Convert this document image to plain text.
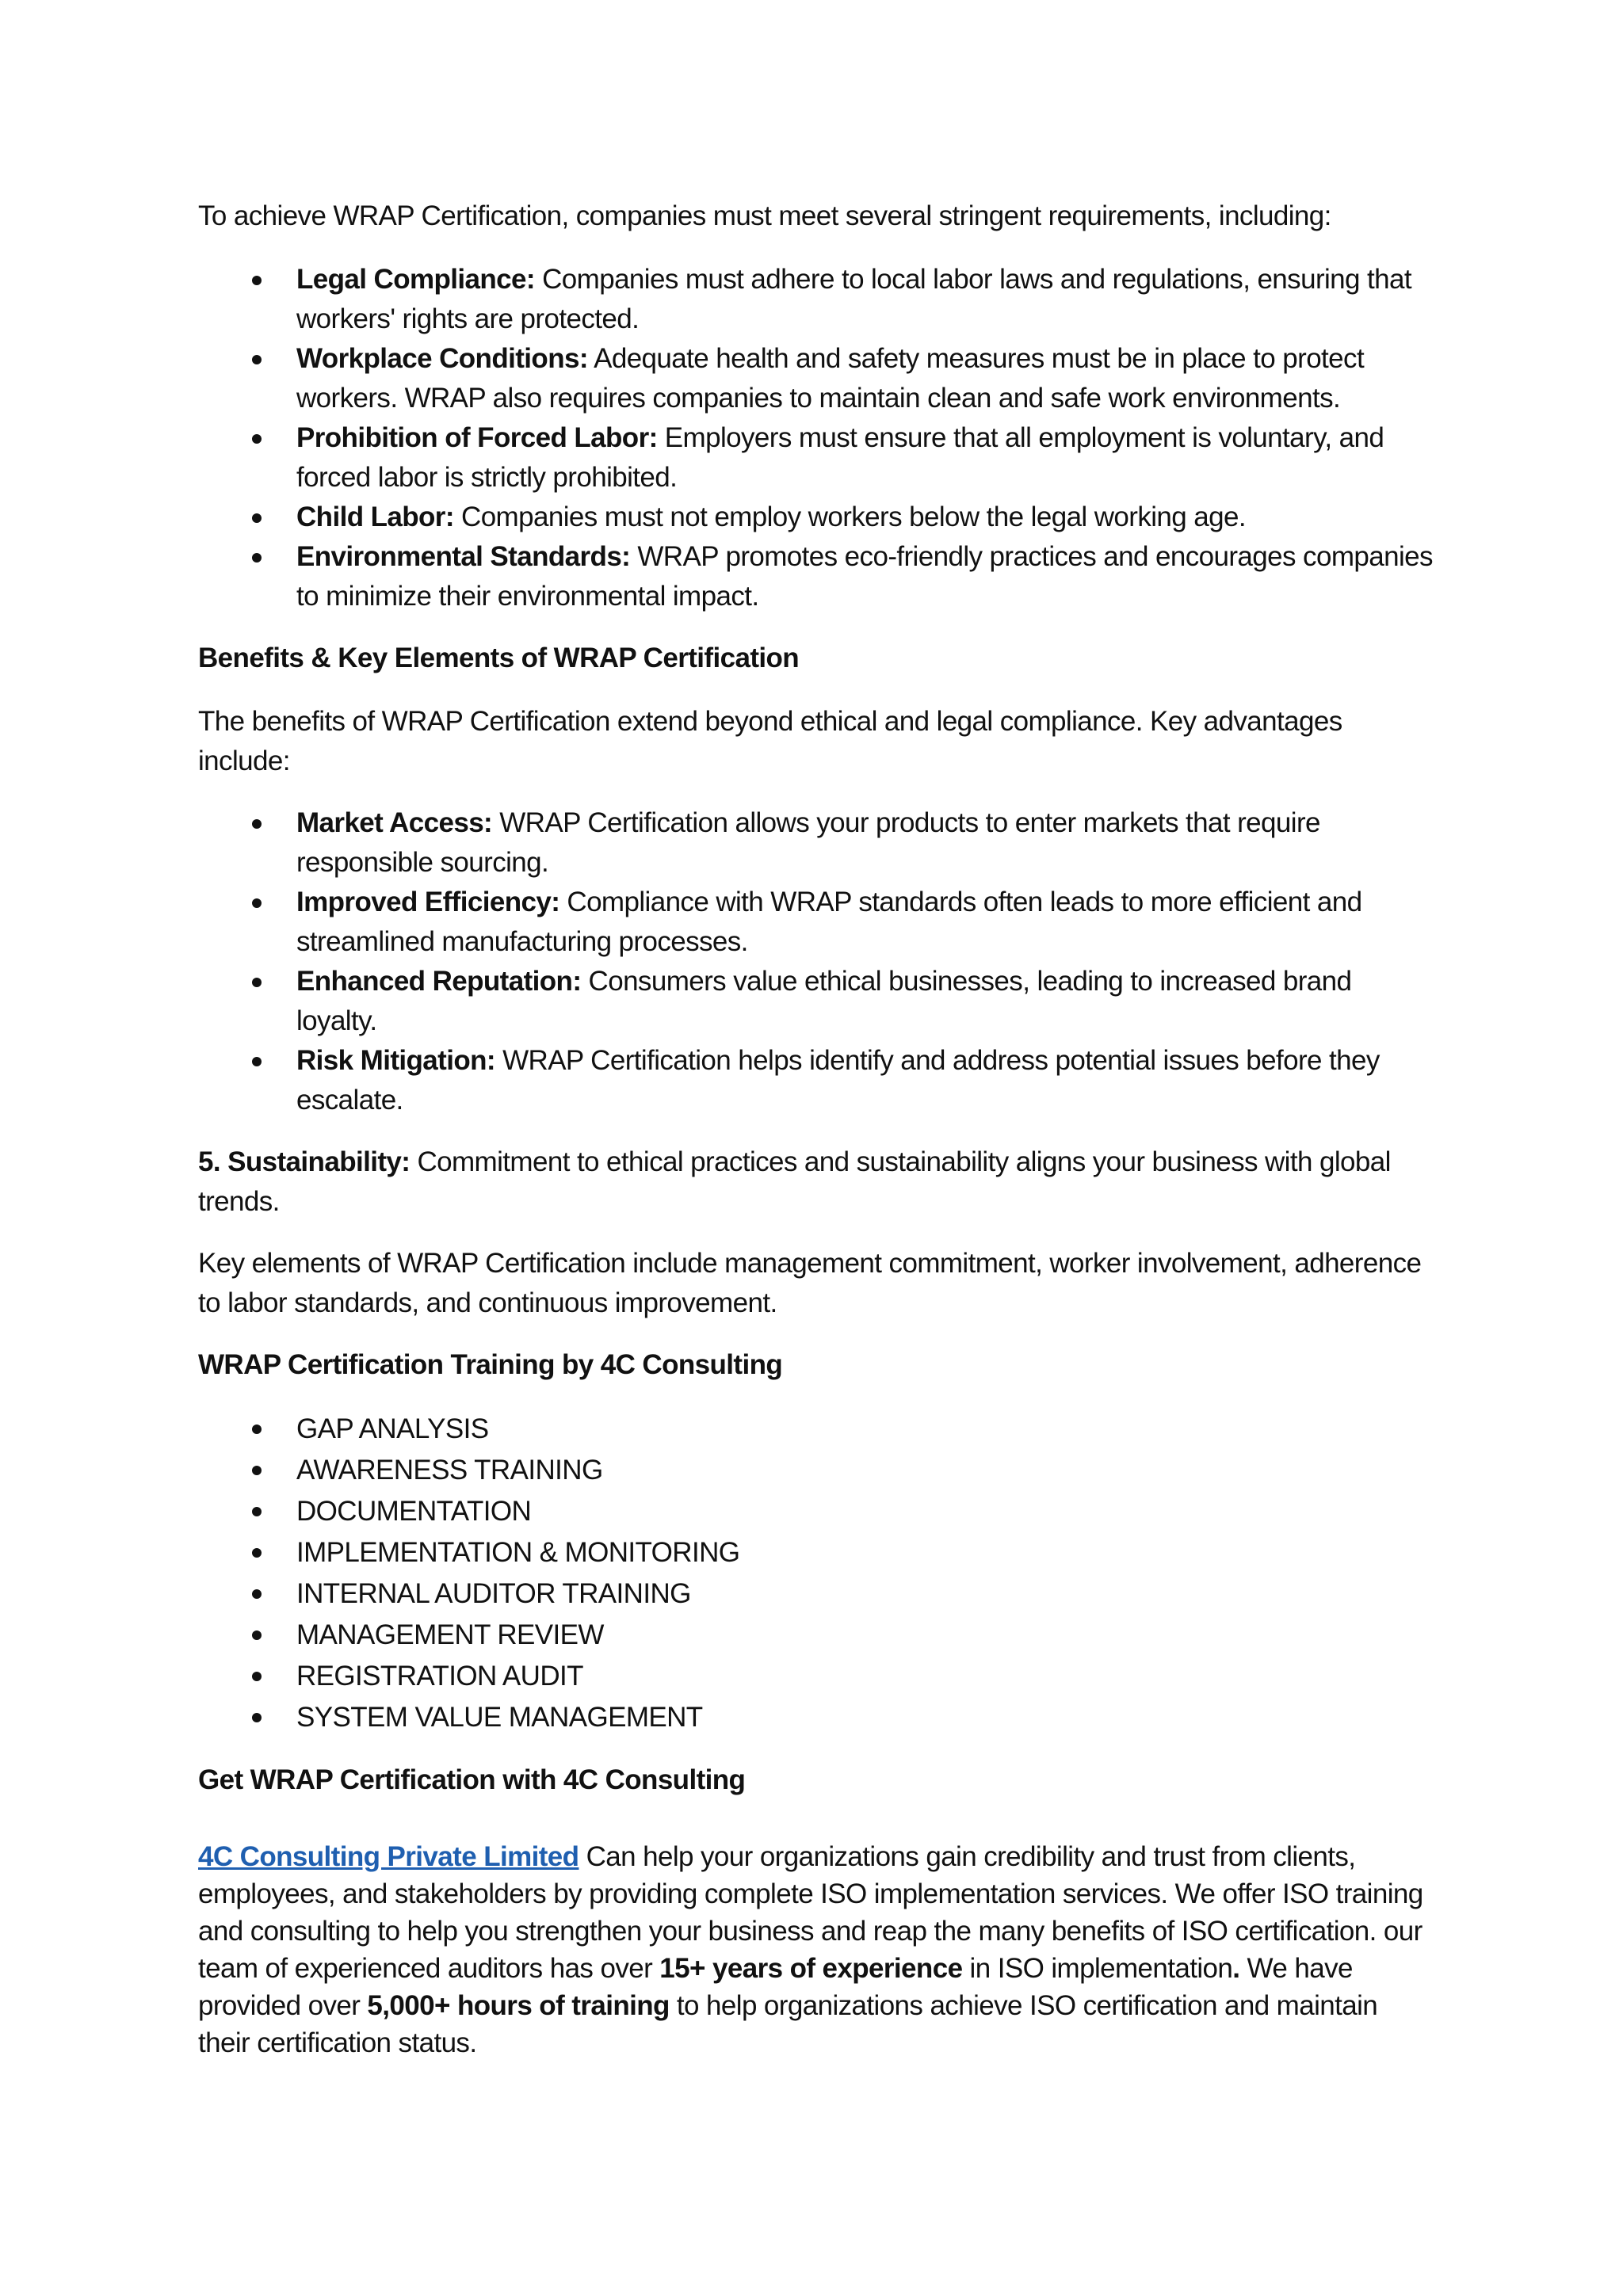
To achieve WRAP Certification, companies must meet several stringent requirements, including:

Legal Compliance: Companies must adhere to local labor laws and regulations, ensuring that workers' rights are protected.
Workplace Conditions: Adequate health and safety measures must be in place to protect workers. WRAP also requires companies to maintain clean and safe work environments.
Prohibition of Forced Labor: Employers must ensure that all employment is voluntary, and forced labor is strictly prohibited.
Child Labor: Companies must not employ workers below the legal working age.
Environmental Standards: WRAP promotes eco-friendly practices and encourages companies to minimize their environmental impact.

Benefits & Key Elements of WRAP Certification

The benefits of WRAP Certification extend beyond ethical and legal compliance. Key advantages include:

Market Access: WRAP Certification allows your products to enter markets that require responsible sourcing.
Improved Efficiency: Compliance with WRAP standards often leads to more efficient and streamlined manufacturing processes.
Enhanced Reputation: Consumers value ethical businesses, leading to increased brand loyalty.
Risk Mitigation: WRAP Certification helps identify and address potential issues before they escalate.

5. Sustainability: Commitment to ethical practices and sustainability aligns your business with global trends.

Key elements of WRAP Certification include management commitment, worker involvement, adherence to labor standards, and continuous improvement.

WRAP Certification Training by 4C Consulting

GAP ANALYSIS
AWARENESS TRAINING
DOCUMENTATION
IMPLEMENTATION & MONITORING
INTERNAL AUDITOR TRAINING
MANAGEMENT REVIEW
REGISTRATION AUDIT
SYSTEM VALUE MANAGEMENT

Get WRAP Certification with 4C Consulting

4C Consulting Private Limited Can help your organizations gain credibility and trust from clients, employees, and stakeholders by providing complete ISO implementation services. We offer ISO training and consulting to help you strengthen your business and reap the many benefits of ISO certification. our team of experienced auditors has over 15+ years of experience in ISO implementation. We have provided over 5,000+ hours of training to help organizations achieve ISO certification and maintain their certification status.
